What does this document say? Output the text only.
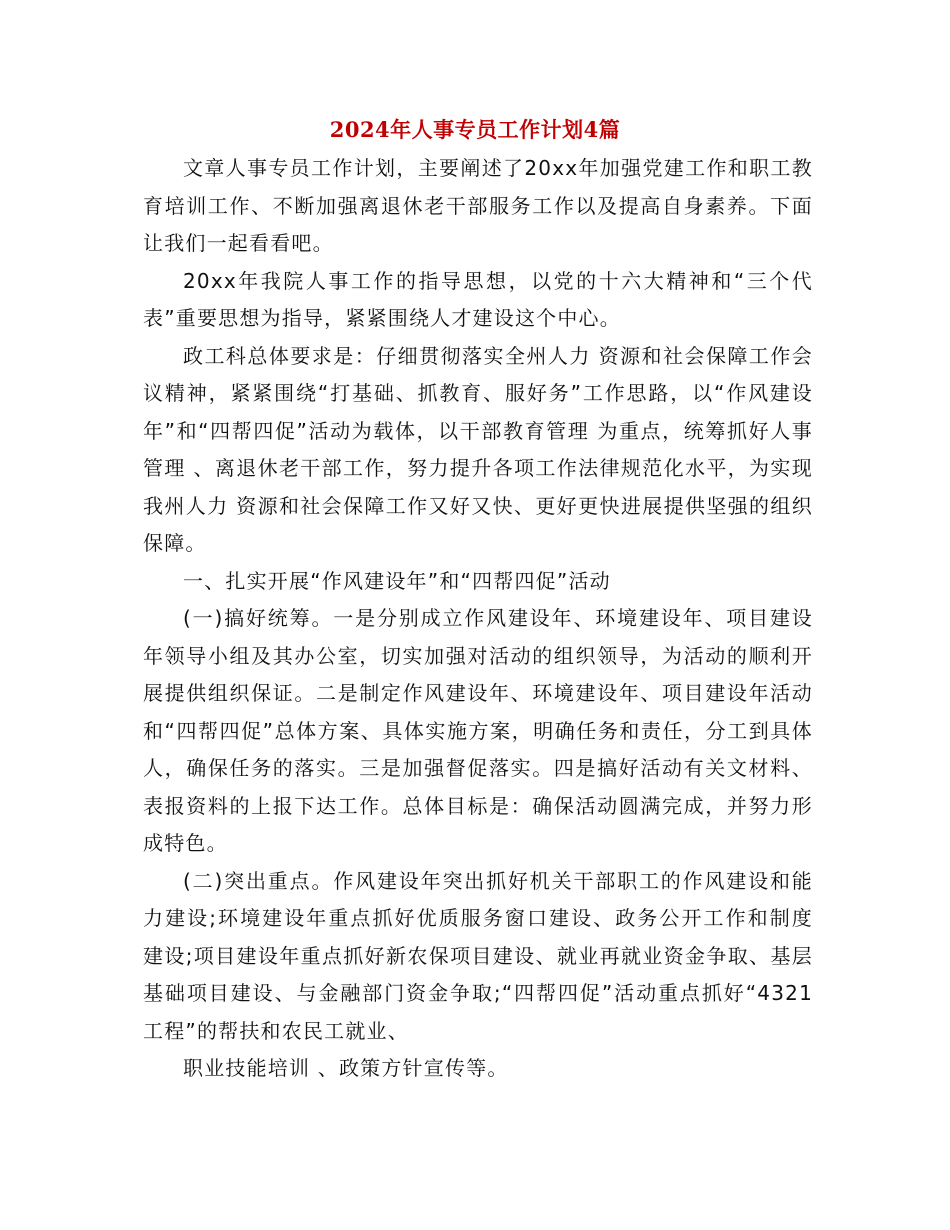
2024年人事专员工作计划4篇

文章人事专员工作计划，主要阐述了20xx年加强党建工作和职工教育培训工作、不断加强离退休老干部服务工作以及提高自身素养。下面让我们一起看看吧。

20xx年我院人事工作的指导思想，以党的十六大精神和“三个代表”重要思想为指导，紧紧围绕人才建设这个中心。

政工科总体要求是：仔细贯彻落实全州人力 资源和社会保障工作会议精神，紧紧围绕“打基础、抓教育、服好务”工作思路，以“作风建设年”和“四帮四促”活动为载体，以干部教育管理 为重点，统筹抓好人事 管理 、离退休老干部工作，努力提升各项工作法律规范化水平，为实现我州人力 资源和社会保障工作又好又快、更好更快进展提供坚强的组织保障。

一、扎实开展“作风建设年”和“四帮四促”活动

(一)搞好统筹。一是分别成立作风建设年、环境建设年、项目建设年领导小组及其办公室，切实加强对活动的组织领导，为活动的顺利开展提供组织保证。二是制定作风建设年、环境建设年、项目建设年活动和“四帮四促”总体方案、具体实施方案，明确任务和责任，分工到具体人，确保任务的落实。三是加强督促落实。四是搞好活动有关文材料、表报资料的上报下达工作。总体目标是：确保活动圆满完成，并努力形成特色。

(二)突出重点。作风建设年突出抓好机关干部职工的作风建设和能力建设;环境建设年重点抓好优质服务窗口建设、政务公开工作和制度 建设;项目建设年重点抓好新农保项目建设、就业再就业资金争取、基层基础项目建设、与金融部门资金争取;“四帮四促”活动重点抓好“4321工程”的帮扶和农民工就业、

职业技能培训 、政策方针宣传等。
